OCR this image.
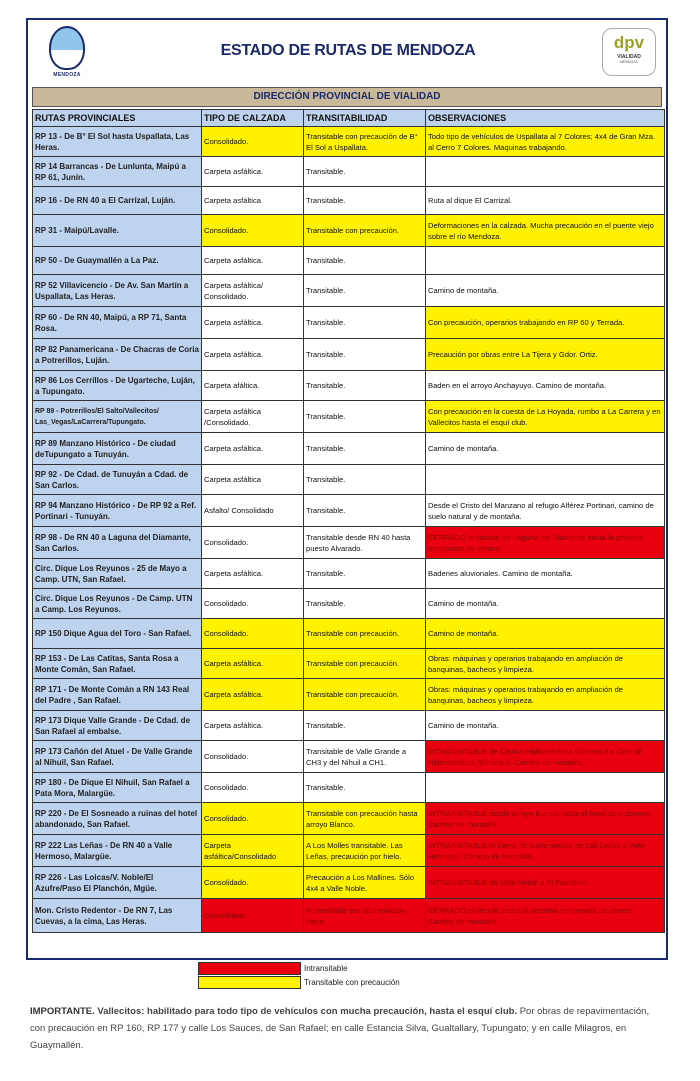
MENDOZA
ESTADO DE RUTAS DE MENDOZA	dpv
VIALIDAD
MENDOZA
DIRECCIÓN PROVINCIAL DE VIALIDAD
RUTAS PROVINCIALES	TIPO DE CALZADA	TRANSITABILIDAD	OBSERVACIONES
RP 13 - De B° El Sol hasta Uspallata, Las Heras.	Consolidado.	Transitable con precaución de B° El Sol a Uspallata.	Todo tipo de vehículos de Uspallata al 7 Colores; 4x4 de Gran Mza. al Cerro 7 Colores. Maquinas trabajando.
RP 14 Barrancas - De Lunlunta, Maipú a RP 61, Junín.	Carpeta asfáltica.	Transitable.	
RP 16 - De RN 40 a El Carrizal, Luján.	Carpeta asfáltica	Transitable.	Ruta al dique El Carrizal.
RP 31 - Maipú/Lavalle.	Consolidado.	Transitable con precaución.	Deformaciones en la calzada. Mucha precaución en el puente viejo sobre el río Mendoza.
RP 50 - De Guaymallén a La Paz.	Carpeta asfáltica.	Transitable.	
RP 52 Villavicencio - De Av. San Martín a Uspallata, Las Heras.	Carpeta asfáltica/ Consolidado.	Transitable.	Camino de montaña.
RP 60 - De RN 40, Maipú, a RP 71, Santa Rosa.	Carpeta asfáltica.	Transitable.	Con precaución, operarios trabajando en RP 60 y Terrada.
RP 82 Panamericana - De Chacras de Coria a Potrerillos, Luján.	Carpeta asfáltica.	Transitable.	Precaución por obras entre La Tijera y Gdor. Ortiz.
RP 86 Los Cerrillos - De Ugarteche, Luján, a Tupungato.	Carpeta afáltica.	Transitable.	Baden en el arroyo Anchayuyo. Camino de montaña.
RP 89 - Potrerillos/El Salto/Vallecitos/ Las_Vegas/LaCarrera/Tupungato.	Carpeta asfáltica /Consolidado.	Transitable.	Con precaución en la cuesta de La Hoyada, rumbo a La Carrera y en Vallecitos hasta el esquí club.
RP 89 Manzano Histórico - De ciudad deTupungato a Tunuyán.	Carpeta asfáltica.	Transitable.	Camino de montaña.
RP 92 - De Cdad. de Tunuyán a Cdad. de San Carlos.	Carpeta asfáltica	Transitable.	
RP 94 Manzano Histórico - De RP 92 a Ref. Portinari - Tunuyán.	Asfalto/ Consolidado	Transitable.	Desde el Cristo del Manzano al refugio Alférez Portinari, camino de suelo natural y de montaña.
RP 98 - De RN 40 a Laguna del Diamante, San Carlos.	Consolidado.	Transitable desde RN 40 hasta puesto Alvarado.	CERRADO el circuito de Laguna del Diamante hasta la próxima temporada de verano.
Circ. Dique Los Reyunos - 25 de Mayo a Camp. UTN, San Rafael.	Carpeta asfáltica.	Transitable.	Badenes aluvionales. Camino de montaña.
Circ. Dique Los Reyunos - De Camp. UTN a Camp. Los Reyunos.	Consolidado.	Transitable.	Camino de montaña.
RP 150 Dique Agua del Toro - San Rafael.	Consolidado.	Transitable con precaución.	Camino de montaña.
RP 153 - De Las Catitas, Santa Rosa a Monte Comán, San Rafael.	Carpeta asfáltica.	Transitable con precaución.	Obras: máquinas y operarios trabajando en ampliación de banquinas, bacheos y limpieza.
RP 171 - De Monte Comán a RN 143 Real del Padre , San Rafael.	Carpeta asfáltica.	Transitable con precaución.	Obras: máquinas y operarios trabajando en ampliación de banquinas, bacheos y limpieza.
RP 173 Dique Valle Grande - De Cdad. de San Rafael al embalse.	Carpeta asfáltica.	Transitable.	Camino de montaña.
RP 173 Cañón del Atuel - De Valle Grande al Nihuil, San Rafael.	Consolidado.	Transitable de Valle Grande a CH3 y del Nihuil a CH1.	INTRANSITABLE de Central Hidroeléctrica Número 3 a Central Hidroeléctrica Número 1. Camino de montaña.
RP 180 - De Dique El Nihuil, San Rafael a Pata Mora, Malargüe.	Consolidado.	Transitable.	
RP 220 - De El Sosneado a ruinas del hotel abandonado, San Rafael.	Consolidado.	Transitable con precaución hasta arroyo Blanco.	INTRANSITABLE desde arroyo Blanco hasta el hotel abandonado. Camino de montaña.
RP 222 Las Leñas - De RN 40 a Valle Hermoso, Malargüe.	Carpeta asfáltica/Consolidado	A Los Molles transitable. Las Leñas, precaución por hielo.	INTRANSITABLE el tramo de suelo natural de Las Leñas a Valle Hermoso. Camino de montaña.
RP 226 - Las Loicas/V. Noble/El Azufre/Paso El Planchón, Mgüe.	Consolidado.	Precaución a Los Mallines. Sólo 4x4 a Valle Noble.	INTRANSITABLE de Valle Noble a El Planchón.
Mon. Cristo Redentor - De RN 7, Las Cuevas, a la cima, Las Heras.	Consolidado.	Intransitable por acumulación nieve.	CERRADO el circuito hasta la próxima temporada de verano. Camino de montaña.
Intransitable
Transitable con precaución
IMPORTANTE. Vallecitos: habilitado para todo tipo de vehículos con mucha precaución, hasta el esquí club. Por obras de repavimentación, con precaución en RP 160, RP 177 y calle Los Sauces, de San Rafael; en calle Estancia Silva, Gualtallary, Tupungato; y en calle Milagros, en Guaymallén.
